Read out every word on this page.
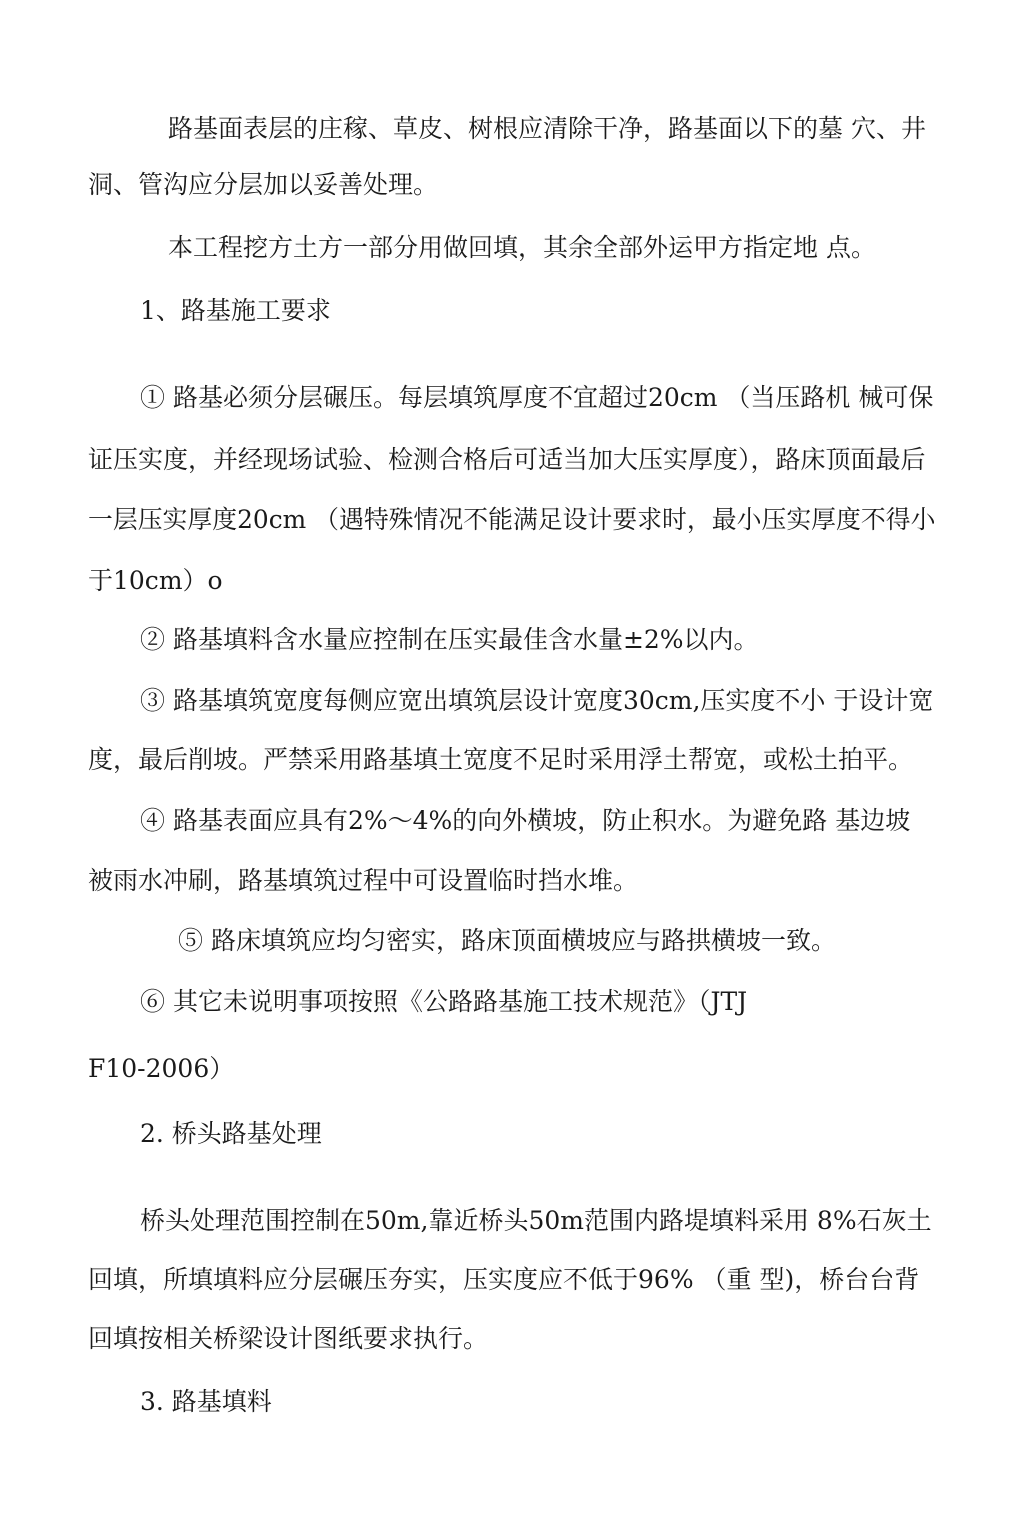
路基面表层的庄稼、草皮、树根应清除干净，路基面以下的墓 穴、井

洞、管沟应分层加以妥善处理。

本工程挖方土方一部分用做回填，其余全部外运甲方指定地 点。

1、路基施工要求

① 路基必须分层碾压。每层填筑厚度不宜超过20cm （当压路机 械可保

证压实度，并经现场试验、检测合格后可适当加大压实厚度），路床顶面最后

一层压实厚度20cm （遇特殊情况不能满足设计要求时，最小压实厚度不得小

于10cm）o

② 路基填料含水量应控制在压实最佳含水量±2%以内。

③ 路基填筑宽度每侧应宽出填筑层设计宽度30cm,压实度不小 于设计宽

度，最后削坡。严禁采用路基填土宽度不足时采用浮土帮宽，或松土拍平。

④ 路基表面应具有2%～4%的向外横坡，防止积水。为避免路 基边坡

被雨水冲刷，路基填筑过程中可设置临时挡水堆。

⑤ 路床填筑应均匀密实，路床顶面横坡应与路拱横坡一致。

⑥ 其它未说明事项按照《公路路基施工技术规范》（JTJ

F10-2006）

2. 桥头路基处理

桥头处理范围控制在50m,靠近桥头50m范围内路堤填料采用 8%石灰土

回填，所填填料应分层碾压夯实，压实度应不低于96% （重 型)，桥台台背

回填按相关桥梁设计图纸要求执行。

3. 路基填料
